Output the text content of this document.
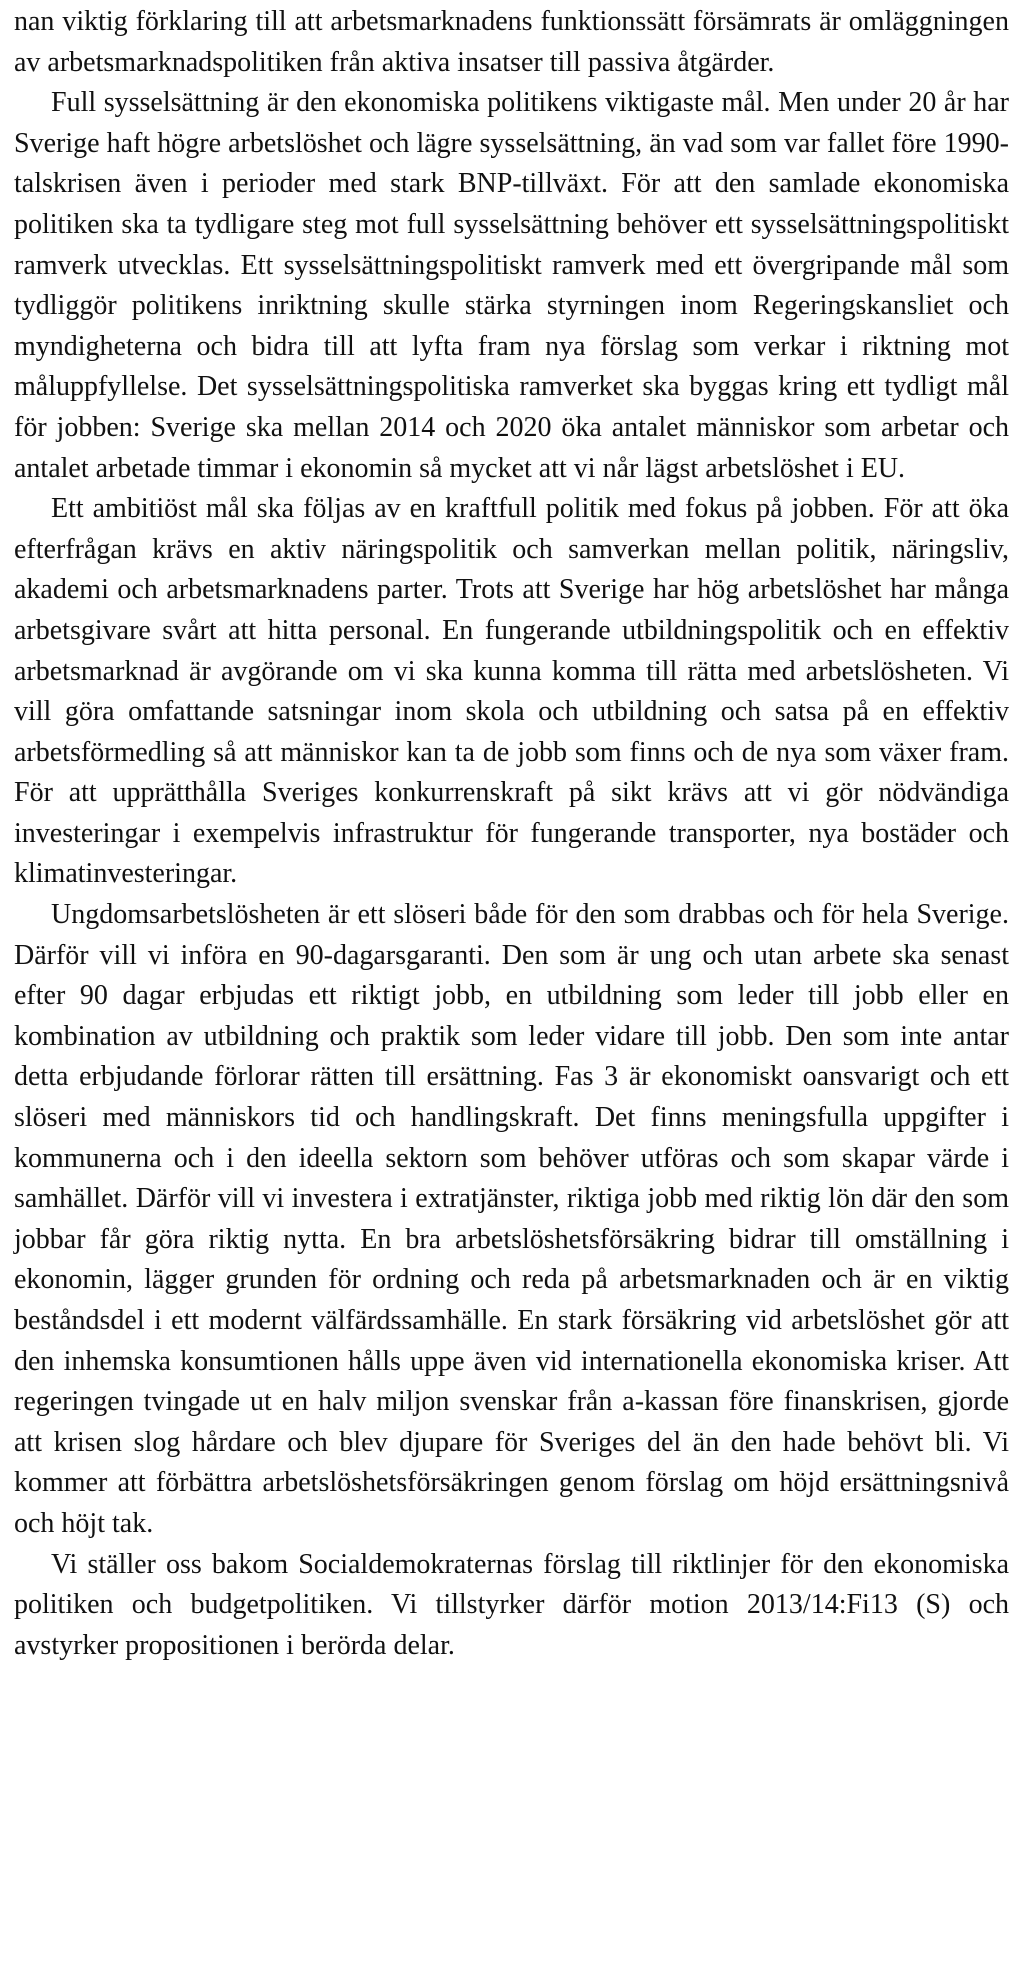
nan viktig förklaring till att arbetsmarknadens funktionssätt försämrats är omläggningen av arbetsmarknadspolitiken från aktiva insatser till passiva åtgärder.

Full sysselsättning är den ekonomiska politikens viktigaste mål. Men under 20 år har Sverige haft högre arbetslöshet och lägre sysselsättning, än vad som var fallet före 1990-talskrisen även i perioder med stark BNP-tillväxt. För att den samlade ekonomiska politiken ska ta tydligare steg mot full sysselsättning behöver ett sysselsättningspolitiskt ramverk utvecklas. Ett sysselsättningspolitiskt ramverk med ett övergripande mål som tydliggör politikens inriktning skulle stärka styrningen inom Regeringskansliet och myndigheterna och bidra till att lyfta fram nya förslag som verkar i riktning mot måluppfyllelse. Det sysselsättningspolitiska ramverket ska byggas kring ett tydligt mål för jobben: Sverige ska mellan 2014 och 2020 öka antalet människor som arbetar och antalet arbetade timmar i ekonomin så mycket att vi når lägst arbetslöshet i EU.

Ett ambitiöst mål ska följas av en kraftfull politik med fokus på jobben. För att öka efterfrågan krävs en aktiv näringspolitik och samverkan mellan politik, näringsliv, akademi och arbetsmarknadens parter. Trots att Sverige har hög arbetslöshet har många arbetsgivare svårt att hitta personal. En fungerande utbildningspolitik och en effektiv arbetsmarknad är avgörande om vi ska kunna komma till rätta med arbetslösheten. Vi vill göra omfattande satsningar inom skola och utbildning och satsa på en effektiv arbetsförmedling så att människor kan ta de jobb som finns och de nya som växer fram. För att upprätthålla Sveriges konkurrenskraft på sikt krävs att vi gör nödvändiga investeringar i exempelvis infrastruktur för fungerande transporter, nya bostäder och klimatinvesteringar.

Ungdomsarbetslösheten är ett slöseri både för den som drabbas och för hela Sverige. Därför vill vi införa en 90-dagarsgaranti. Den som är ung och utan arbete ska senast efter 90 dagar erbjudas ett riktigt jobb, en utbildning som leder till jobb eller en kombination av utbildning och praktik som leder vidare till jobb. Den som inte antar detta erbjudande förlorar rätten till ersättning. Fas 3 är ekonomiskt oansvarigt och ett slöseri med människors tid och handlingskraft. Det finns meningsfulla uppgifter i kommunerna och i den ideella sektorn som behöver utföras och som skapar värde i samhället. Därför vill vi investera i extratjänster, riktiga jobb med riktig lön där den som jobbar får göra riktig nytta. En bra arbetslöshetsförsäkring bidrar till omställning i ekonomin, lägger grunden för ordning och reda på arbetsmarknaden och är en viktig beståndsdel i ett modernt välfärdssamhälle. En stark försäkring vid arbetslöshet gör att den inhemska konsumtionen hålls uppe även vid internationella ekonomiska kriser. Att regeringen tvingade ut en halv miljon svenskar från a-kassan före finanskrisen, gjorde att krisen slog hårdare och blev djupare för Sveriges del än den hade behövt bli. Vi kommer att förbättra arbetslöshetsförsäkringen genom förslag om höjd ersättningsnivå och höjt tak.

Vi ställer oss bakom Socialdemokraternas förslag till riktlinjer för den ekonomiska politiken och budgetpolitiken. Vi tillstyrker därför motion 2013/14:Fi13 (S) och avstyrker propositionen i berörda delar.
